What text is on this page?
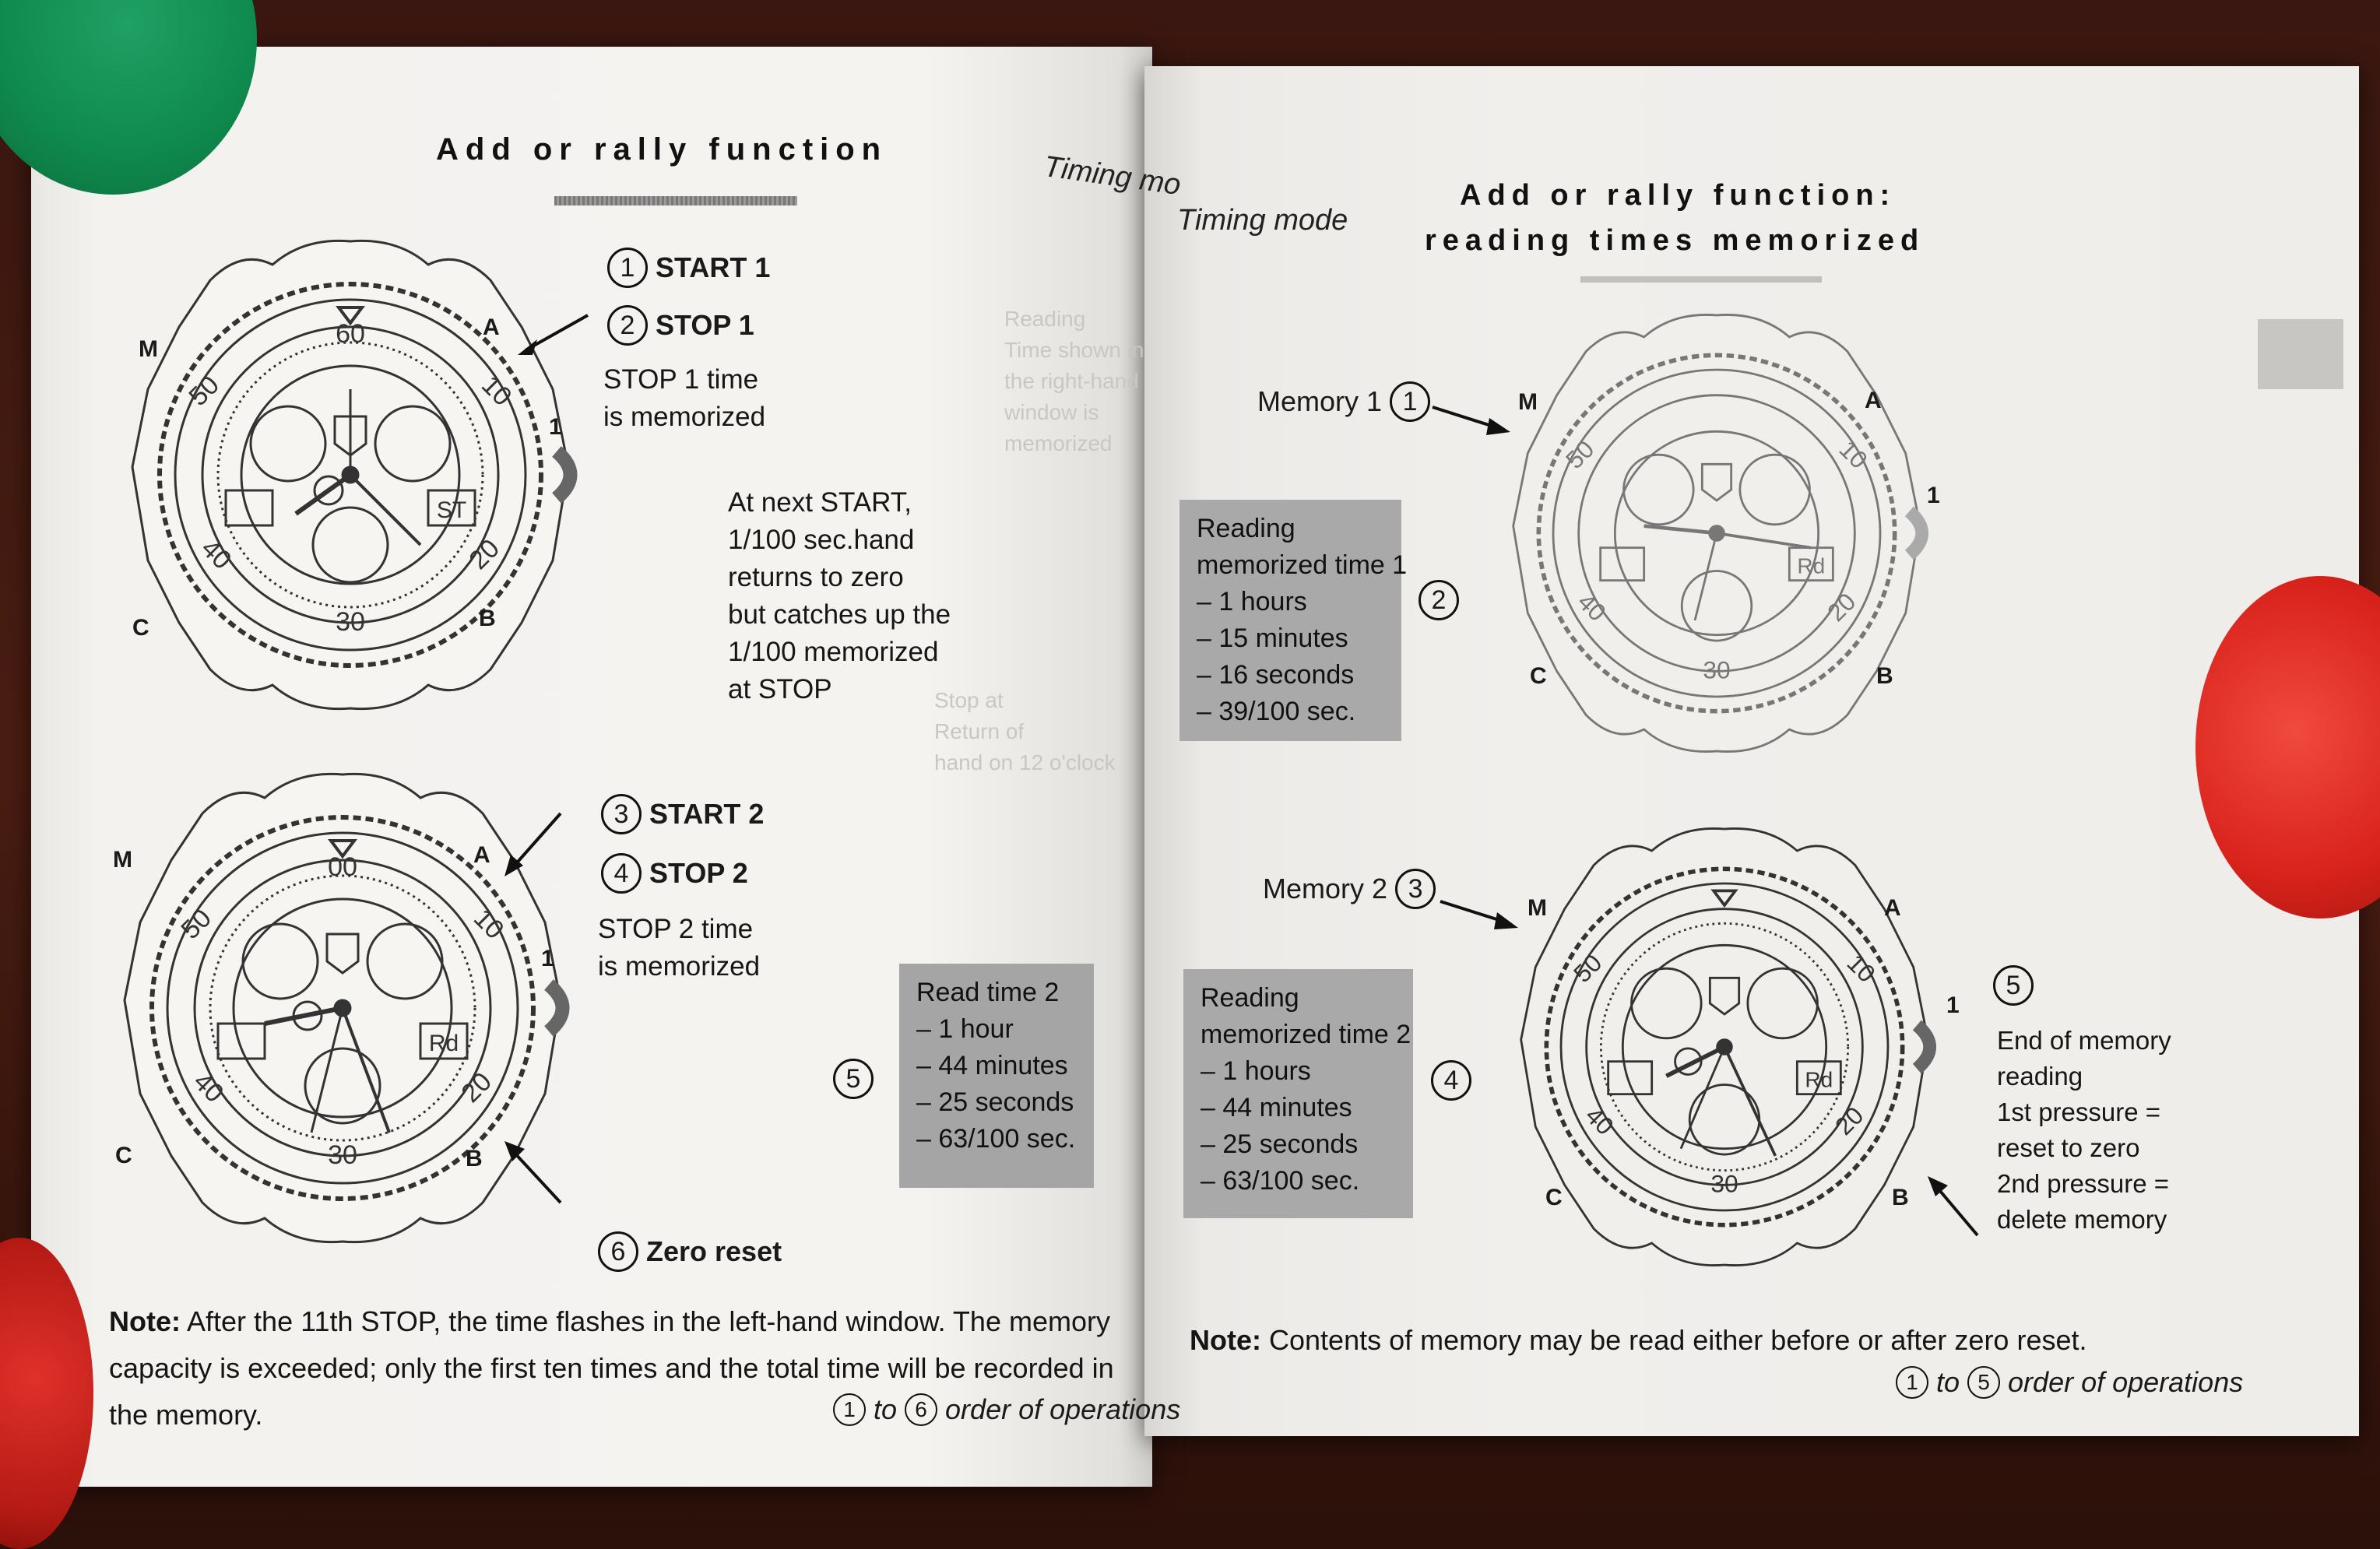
Reading
Time shown in
the right-hand
window is
memorized
Stop at
Return of
hand on 12 o'clock
Add or rally function
Timing mo
60
30
50	10
40	20
ST
M
A
C	B
1
1 START 1
2 STOP 1
STOP 1 time
is memorized
At next START,
1/100 sec.hand
returns to zero
but catches up the
1/100 memorized
at STOP
00
30
50	10
40	20
Rd
M	A
C	B
1
3 START 2
4 STOP 2
STOP 2 time
is memorized
5
Read time 2
– 1 hour
– 44 minutes
– 25 seconds
– 63/100 sec.
6 Zero reset
Note: After the 11th STOP, the time flashes in the left-hand window. The memory
capacity is exceeded; only the first ten times and the total time will be recorded in
the memory.	1 to 6 order of operations
Timing mode
Add or rally function:
reading times memorized
Memory 1 1
30
50	10
40	20
Rd
M	A
C	B
1
Reading
memorized time 1
– 1 hours
– 15 minutes
– 16 seconds
– 39/100 sec.
2
Memory 2 3
30
50	10
40	20
Rd
M	A
C	B
1
Reading
memorized time 2
– 1 hours
– 44 minutes
– 25 seconds
– 63/100 sec.
4
5
End of memory
reading
1st pressure =
reset to zero
2nd pressure =
delete memory
Note: Contents of memory may be read either before or after zero reset.
1 to 5 order of operations
